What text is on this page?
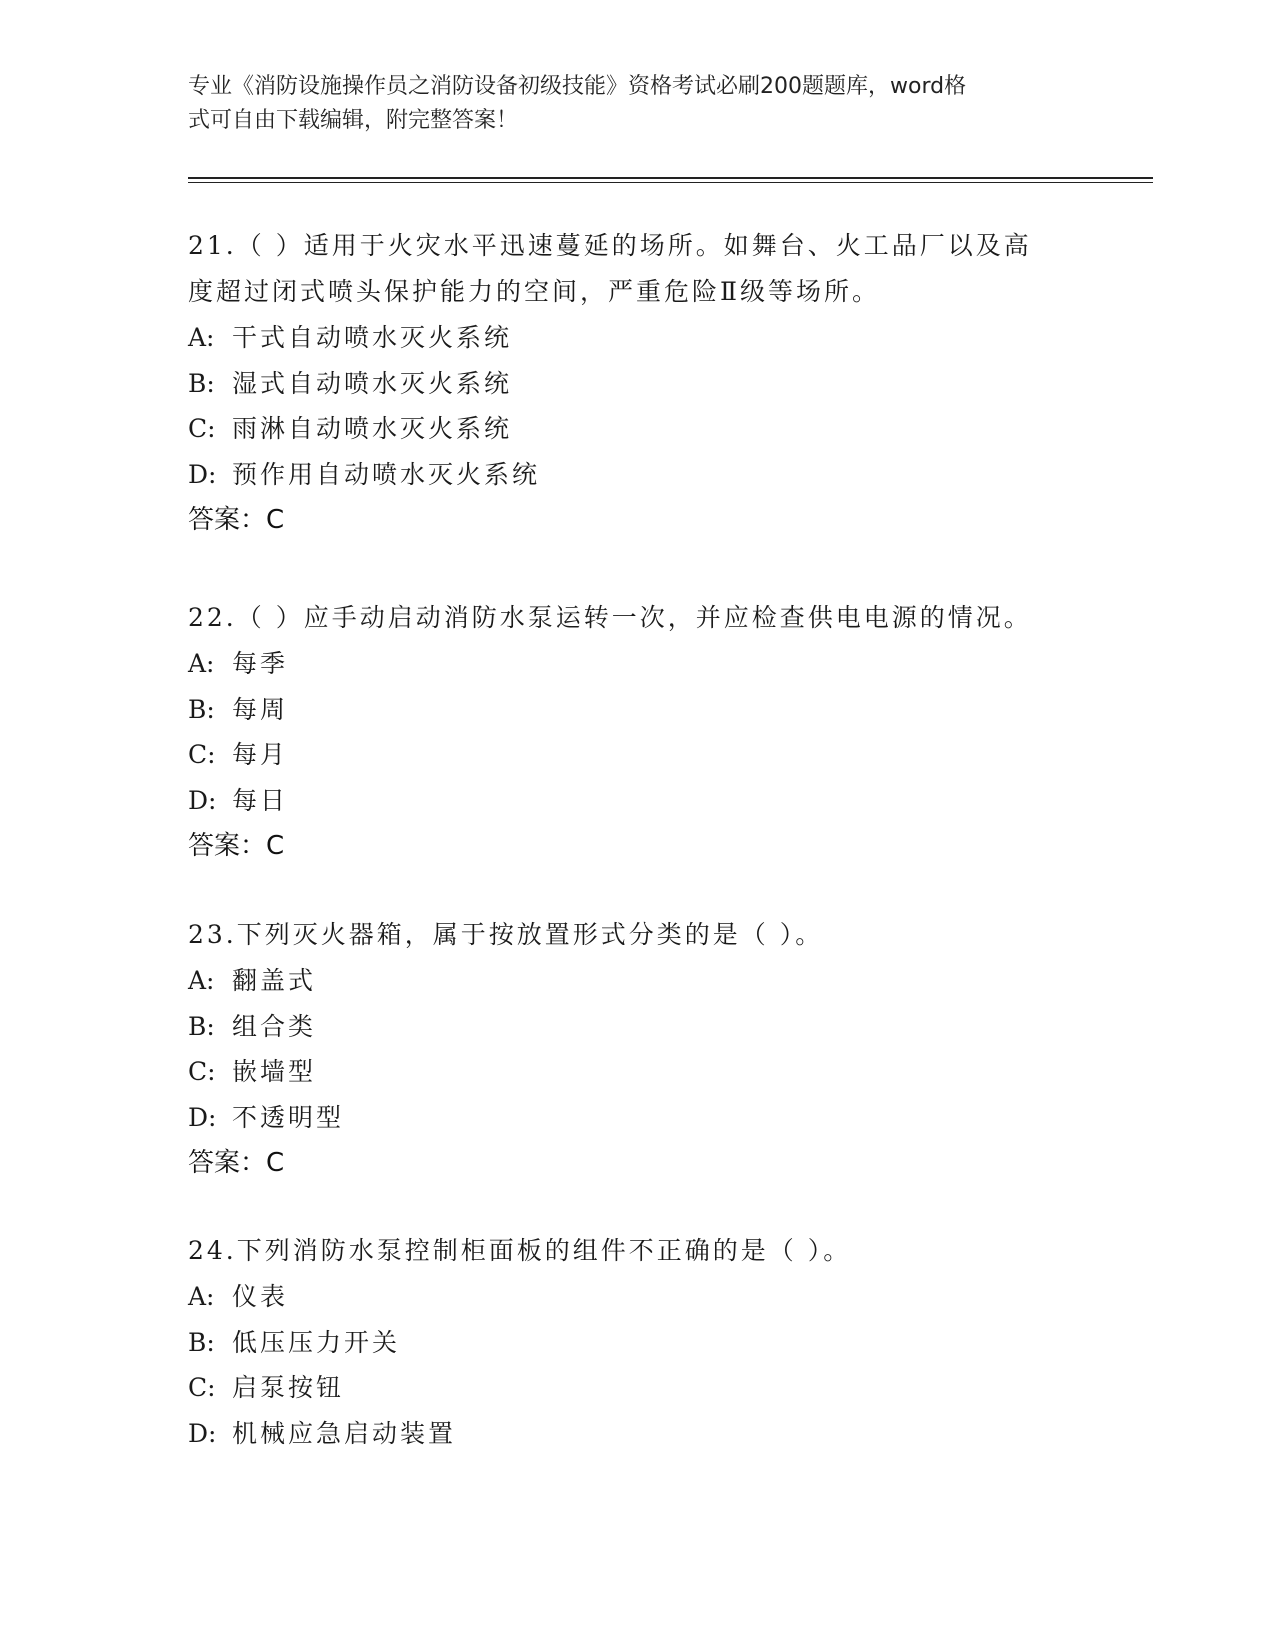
专业《消防设施操作员之消防设备初级技能》资格考试必刷200题题库，word格
式可自由下载编辑，附完整答案！
21.（ ）适用于火灾水平迅速蔓延的场所。如舞台、火工品厂以及高
度超过闭式喷头保护能力的空间，严重危险Ⅱ级等场所。
A: 干式自动喷水灭火系统
B: 湿式自动喷水灭火系统
C: 雨淋自动喷水灭火系统
D: 预作用自动喷水灭火系统
答案：C
22.（ ）应手动启动消防水泵运转一次，并应检查供电电源的情况。
A: 每季
B: 每周
C: 每月
D: 每日
答案：C
23.下列灭火器箱，属于按放置形式分类的是（ ）。
A: 翻盖式
B: 组合类
C: 嵌墙型
D: 不透明型
答案：C
24.下列消防水泵控制柜面板的组件不正确的是（ ）。
A: 仪表
B: 低压压力开关
C: 启泵按钮
D: 机械应急启动装置
